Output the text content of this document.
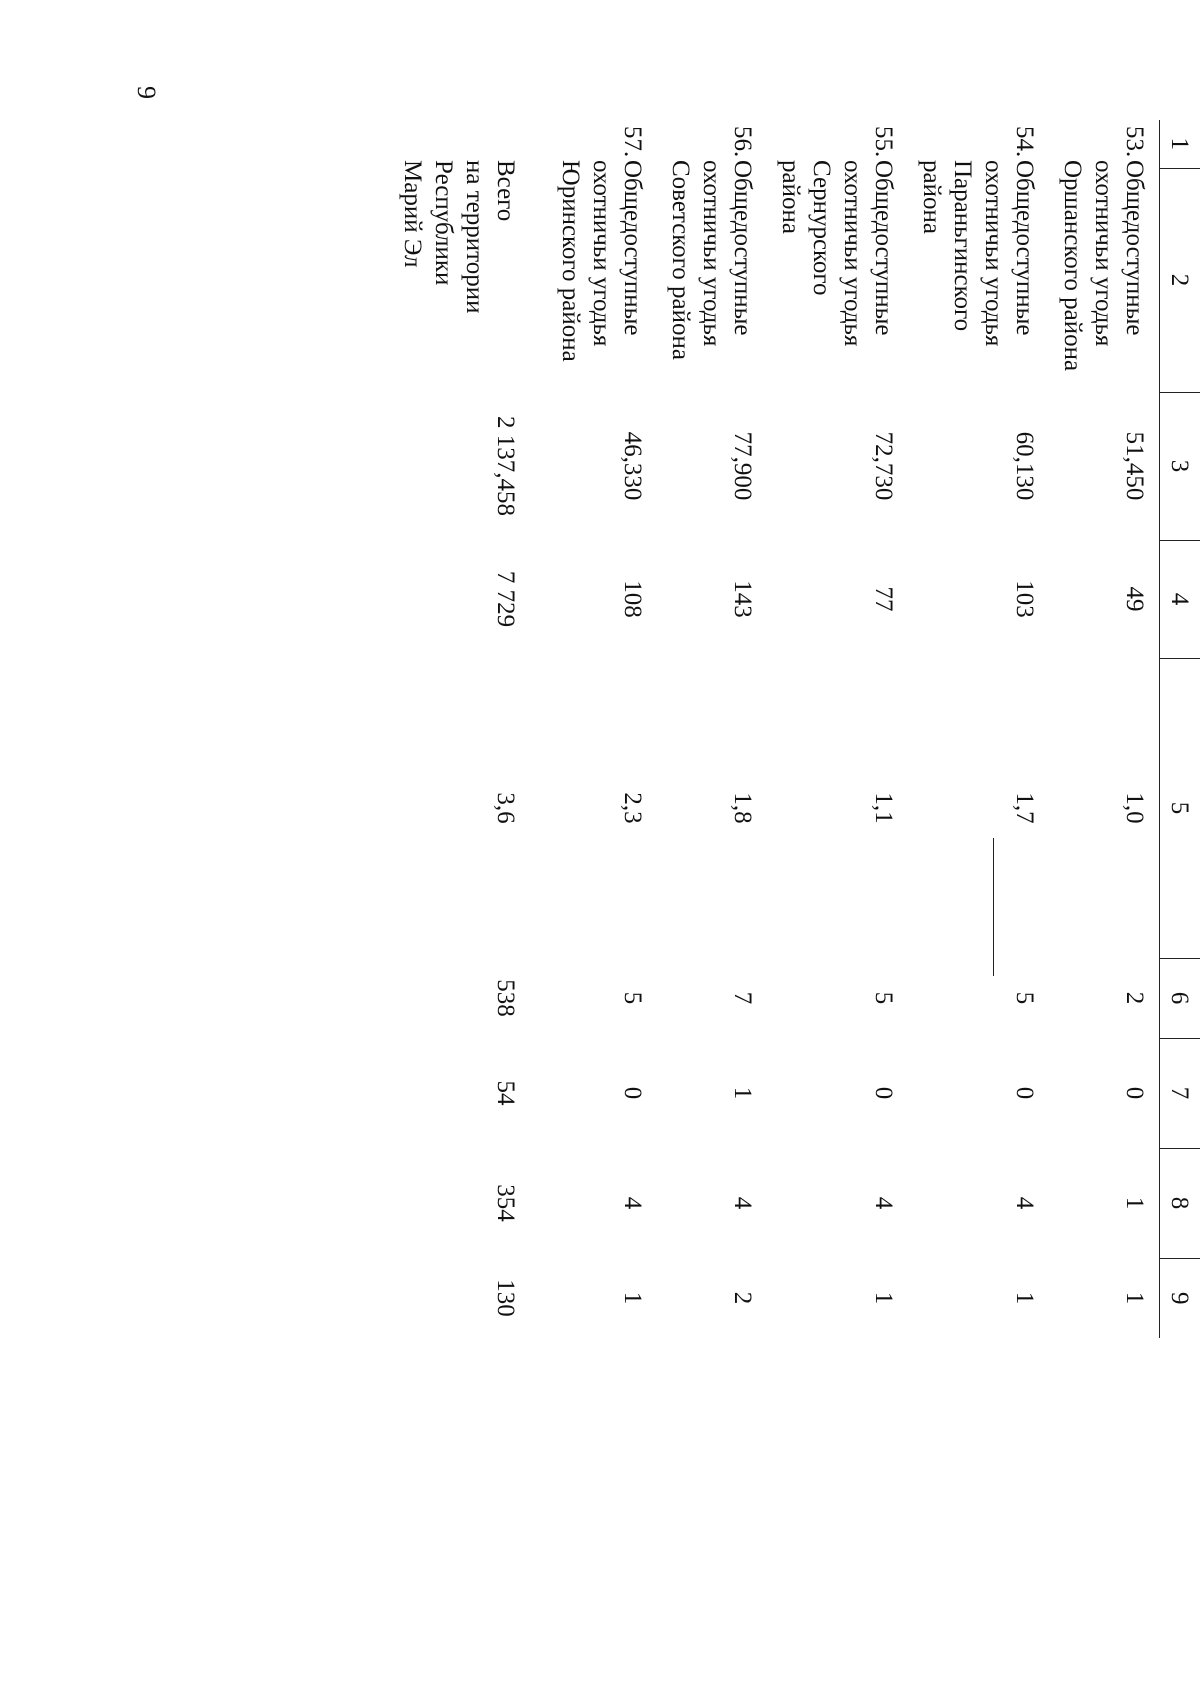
9
1	2	3	4	5	6	7	8	9

53.Общедоступные
охотничьи угодья
Оршанского района		51,450	49	1,0	2	0	1	1

54.Общедоступные
охотничьи угодья
Параньгинского
района		60,130	103	1,7	5	0	4	1

55.Общедоступные
охотничьи угодья
Сернурского
района		72,730	77	1,1	5	0	4	1

56.Общедоступные
охотничьи угодья
Советского района		77,900	143	1,8	7	1	4	2

57.Общедоступные
охотничьи угодья
Юринского района		46,330	108	2,3	5	0	4	1

Всего
на территории
Республики
Марий Эл		2 137,458	7 729	3,6	538	54	354	130
